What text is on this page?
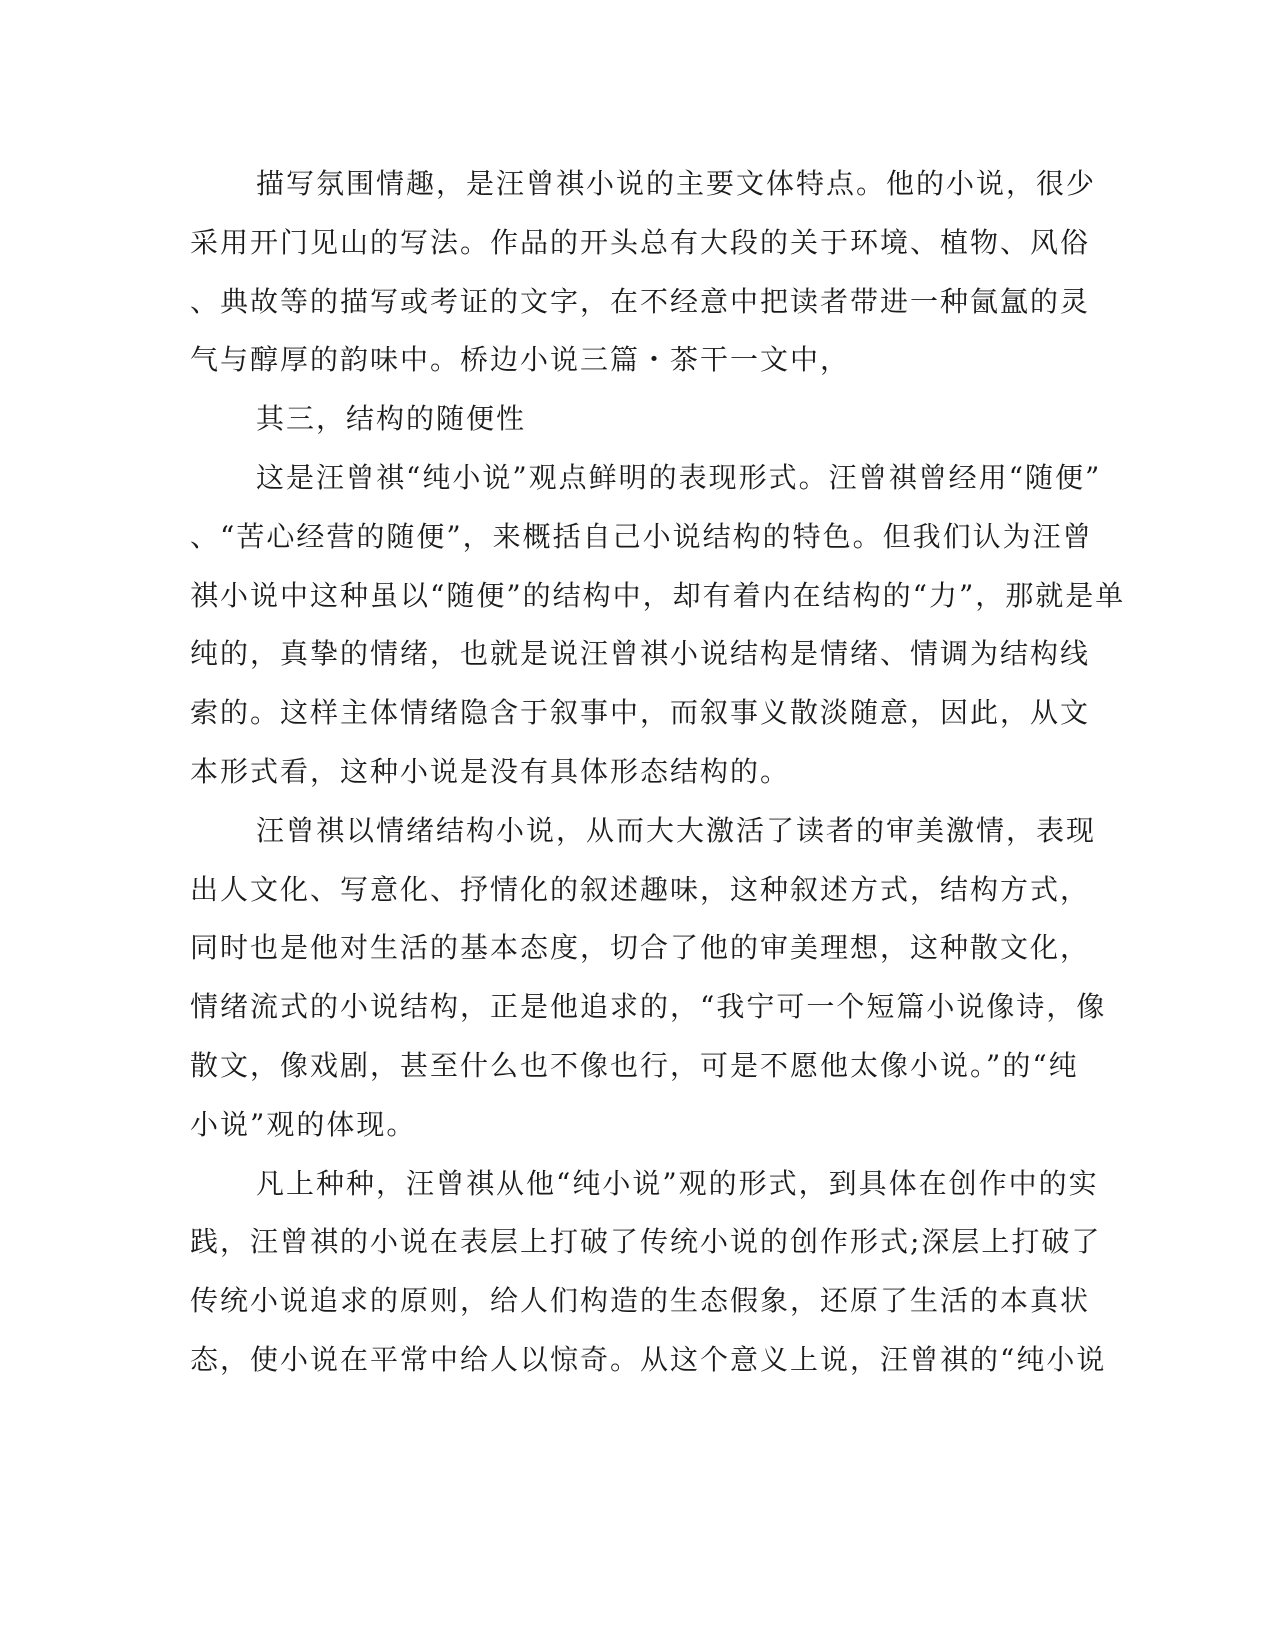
描写氛围情趣，是汪曾祺小说的主要文体特点。他的小说，很少
采用开门见山的写法。作品的开头总有大段的关于环境、植物、风俗
、典故等的描写或考证的文字，在不经意中把读者带进一种氤氲的灵
气与醇厚的韵味中。桥边小说三篇・茶干一文中，
其三，结构的随便性
这是汪曾祺“纯小说”观点鲜明的表现形式。汪曾祺曾经用“随便”
、“苦心经营的随便”，来概括自己小说结构的特色。但我们认为汪曾
祺小说中这种虽以“随便”的结构中，却有着内在结构的“力”，那就是单
纯的，真挚的情绪，也就是说汪曾祺小说结构是情绪、情调为结构线
索的。这样主体情绪隐含于叙事中，而叙事义散淡随意，因此，从文
本形式看，这种小说是没有具体形态结构的。
汪曾祺以情绪结构小说，从而大大激活了读者的审美激情，表现
出人文化、写意化、抒情化的叙述趣味，这种叙述方式，结构方式，
同时也是他对生活的基本态度，切合了他的审美理想，这种散文化，
情绪流式的小说结构，正是他追求的，“我宁可一个短篇小说像诗，像
散文，像戏剧，甚至什么也不像也行，可是不愿他太像小说。”的“纯
小说”观的体现。
凡上种种，汪曾祺从他“纯小说”观的形式，到具体在创作中的实
践，汪曾祺的小说在表层上打破了传统小说的创作形式;深层上打破了
传统小说追求的原则，给人们构造的生态假象，还原了生活的本真状
态，使小说在平常中给人以惊奇。从这个意义上说，汪曾祺的“纯小说
